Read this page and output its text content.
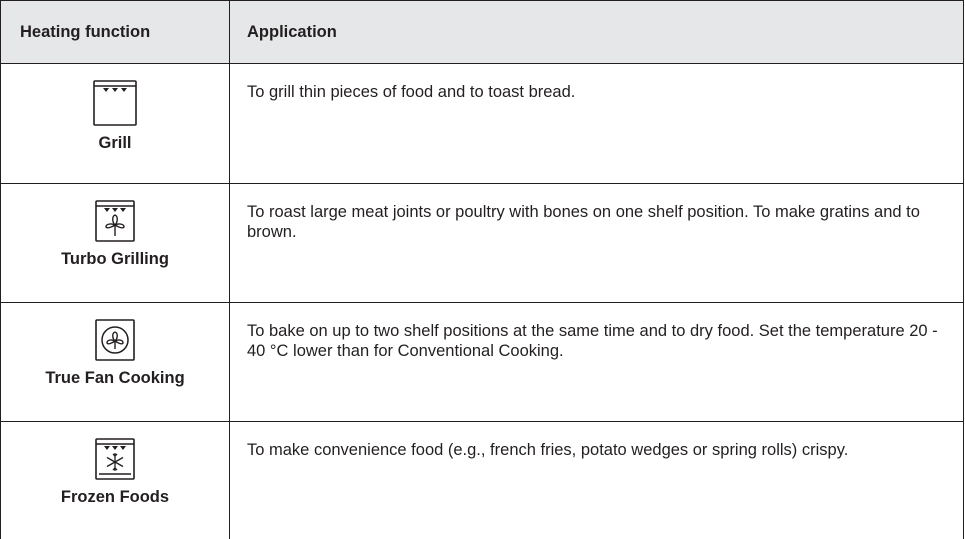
Heating function	Application
Grill
To grill thin pieces of food and to toast bread.
Turbo Grilling
To roast large meat joints or poultry with bones on one shelf position. To make gratins and to brown.
True Fan Cooking
To bake on up to two shelf positions at the same time and to dry food. Set the temperature 20 - 40 °C lower than for Conventional Cooking.
Frozen Foods
To make convenience food (e.g., french fries, potato wedges or spring rolls) crispy.
